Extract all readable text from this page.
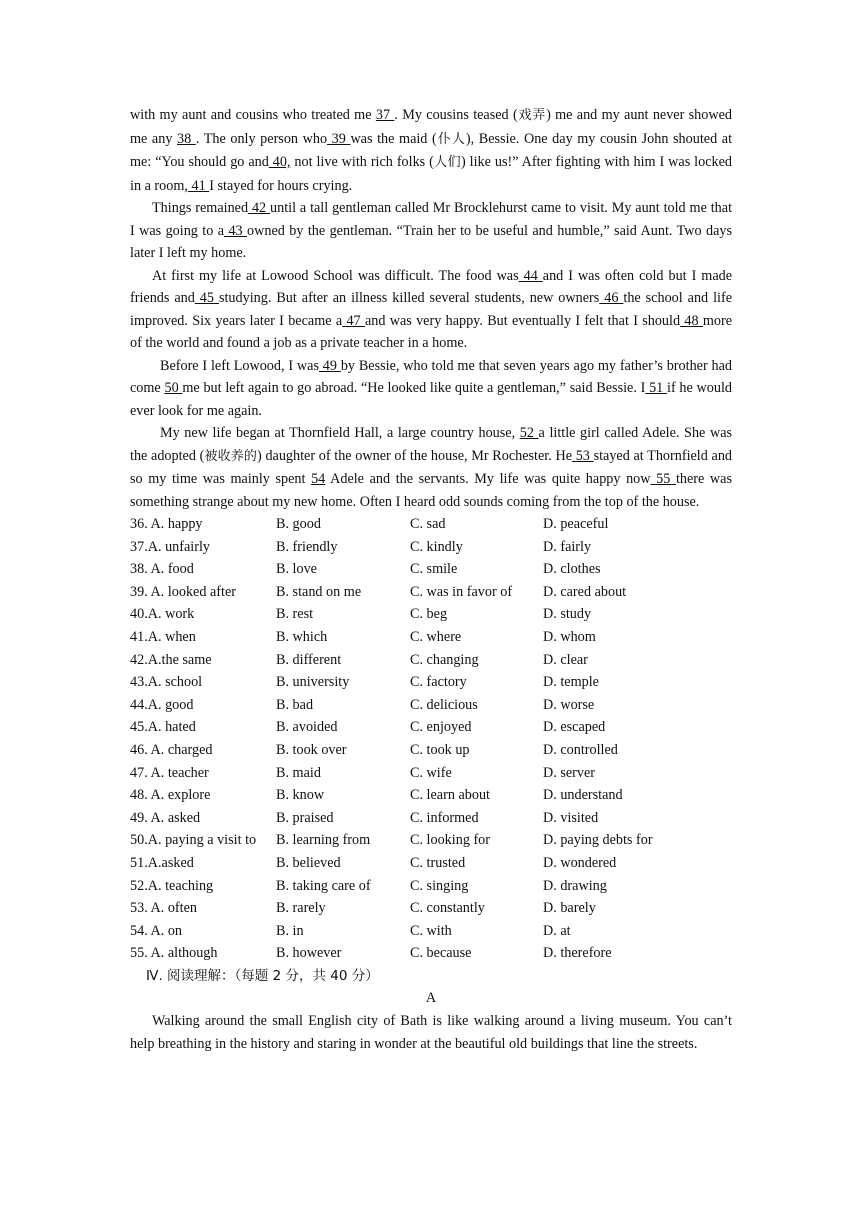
with my aunt and cousins who treated me 37 . My cousins teased (戏弄) me and my aunt never showed me any 38 . The only person who 39 was the maid (仆人), Bessie. One day my cousin John shouted at me: “You should go and 40, not live with rich folks (人们) like us!” After fighting with him I was locked in a room, 41 I stayed for hours crying.

Things remained 42 until a tall gentleman called Mr Brocklehurst came to visit. My aunt told me that I was going to a 43 owned by the gentleman. “Train her to be useful and humble,” said Aunt. Two days later I left my home.

At first my life at Lowood School was difficult. The food was 44 and I was often cold but I made friends and 45 studying. But after an illness killed several students, new owners 46 the school and life improved. Six years later I became a 47 and was very happy. But eventually I felt that I should 48 more of the world and found a job as a private teacher in a home.

Before I left Lowood, I was 49 by Bessie, who told me that seven years ago my father’s brother had come 50 me but left again to go abroad. “He looked like quite a gentleman,” said Bessie. I 51 if he would ever look for me again.

My new life began at Thornfield Hall, a large country house, 52 a little girl called Adele. She was the adopted (被收养的) daughter of the owner of the house, Mr Rochester. He 53 stayed at Thornfield and so my time was mainly spent 54 Adele and the servants. My life was quite happy now 55 there was something strange about my new home. Often I heard odd sounds coming from the top of the house.

36. A. happy	B. good	C. sad	D. peaceful
37.A. unfairly	B. friendly	C. kindly	D. fairly
38. A. food	B. love	C. smile	D. clothes
39. A. looked after	B. stand on me	C. was in favor of D. cared about
40.A. work	B. rest	C. beg	D. study
41.A. when	B. which	C. where	D. whom
42.A.the same	B. different	C. changing	D. clear
43.A. school	B. university	C. factory	D. temple
44.A. good	B. bad	C. delicious	D. worse
45.A. hated	B. avoided	C. enjoyed	D. escaped
46. A. charged	B. took over	C. took up	D. controlled
47. A. teacher	B. maid	C. wife	D. server
48. A. explore	B. know	C. learn about	D. understand
49. A. asked	B. praised	C. informed	D. visited
50.A. paying a visit to B. learning from	C. looking for	D. paying debts for
51.A.asked	B. believed	C. trusted	D. wondered
52.A. teaching	B. taking care of	C. singing	D. drawing
53. A. often	B. rarely	C. constantly	D. barely
54. A. on	B. in	C. with	D. at
55. A. although	B. however	C. because	D. therefore
Ⅳ. 阅读理解：（每题 2 分，共 40 分）
A

Walking around the small English city of Bath is like walking around a living museum. You can’t help breathing in the history and staring in wonder at the beautiful old buildings that line the streets.
